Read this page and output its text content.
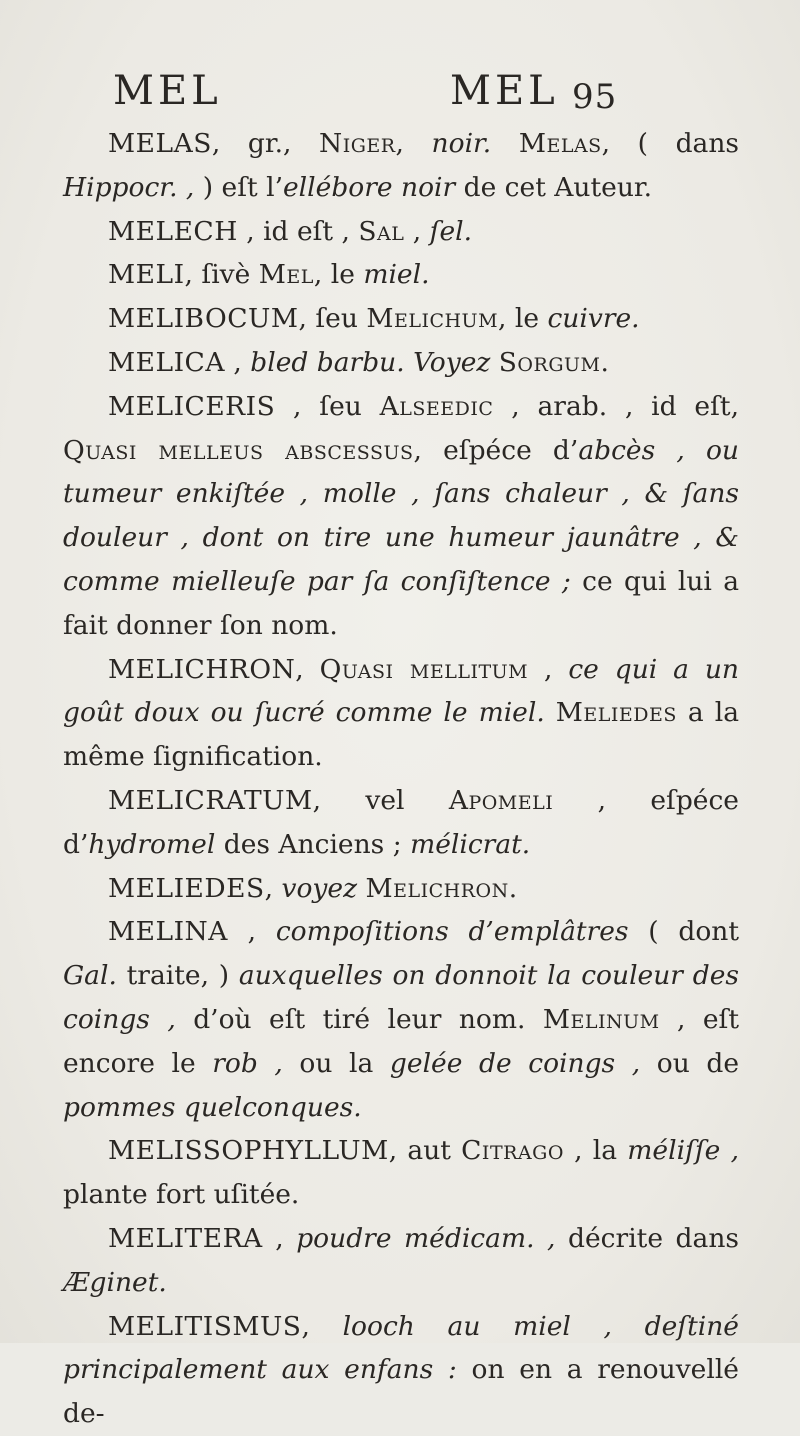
MEL	MEL 95

MELAS, gr., Niger, noir. Melas, ( dans Hippocr. , ) eſt l’ellébore noir de cet Auteur.

MELECH , id eſt , Sal , ſel.

MELI, ſivè Mel, le miel.

MELIBOCUM, ſeu Melichum, le cuivre.

MELICA , bled barbu. Voyez Sorgum.

MELICERIS , ſeu Alseedic , arab. , id eſt, Quasi melleus abscessus, eſpéce d’abcès , ou tumeur enkiſtée , molle , ſans chaleur , & ſans douleur , dont on tire une humeur jaunâtre , & comme mielleuſe par ſa conſiſtence ; ce qui lui a fait donner ſon nom.

MELICHRON, Quasi mellitum , ce qui a un goût doux ou ſucré comme le miel. Meliedes a la même ſignification.

MELICRATUM, vel Apomeli , eſpéce d’hydromel des Anciens ; mélicrat.

MELIEDES, voyez Melichron.

MELINA , compoſitions d’emplâtres ( dont Gal. traite, ) auxquelles on donnoit la couleur des coings , d’où eſt tiré leur nom. Melinum , eſt encore le rob , ou la gelée de coings , ou de pommes quelconques.

MELISSOPHYLLUM, aut Citrago , la méliſſe , plante fort uſitée.

MELITERA , poudre médicam. , décrite dans Æginet.

MELITISMUS, looch au miel , deſtiné principalement aux enfans : on en a renouvellé de-
